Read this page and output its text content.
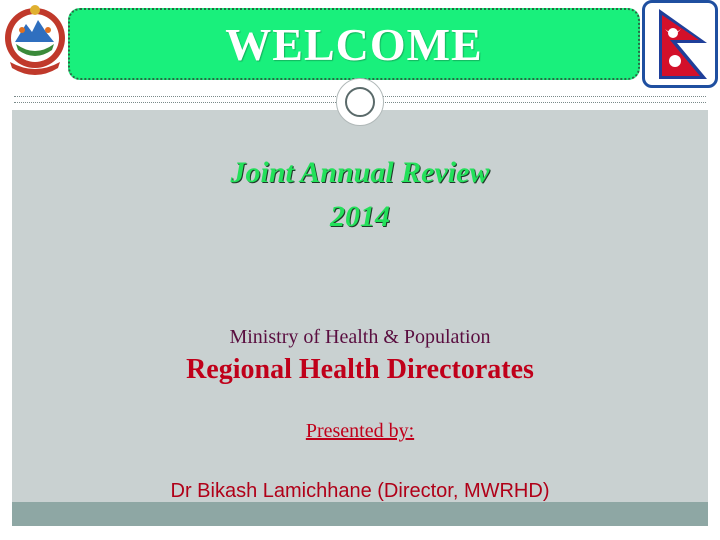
WELCOME
Joint Annual Review
2014
Ministry of Health & Population
Regional Health Directorates
Presented by:
Dr Bikash Lamichhane (Director, MWRHD)
